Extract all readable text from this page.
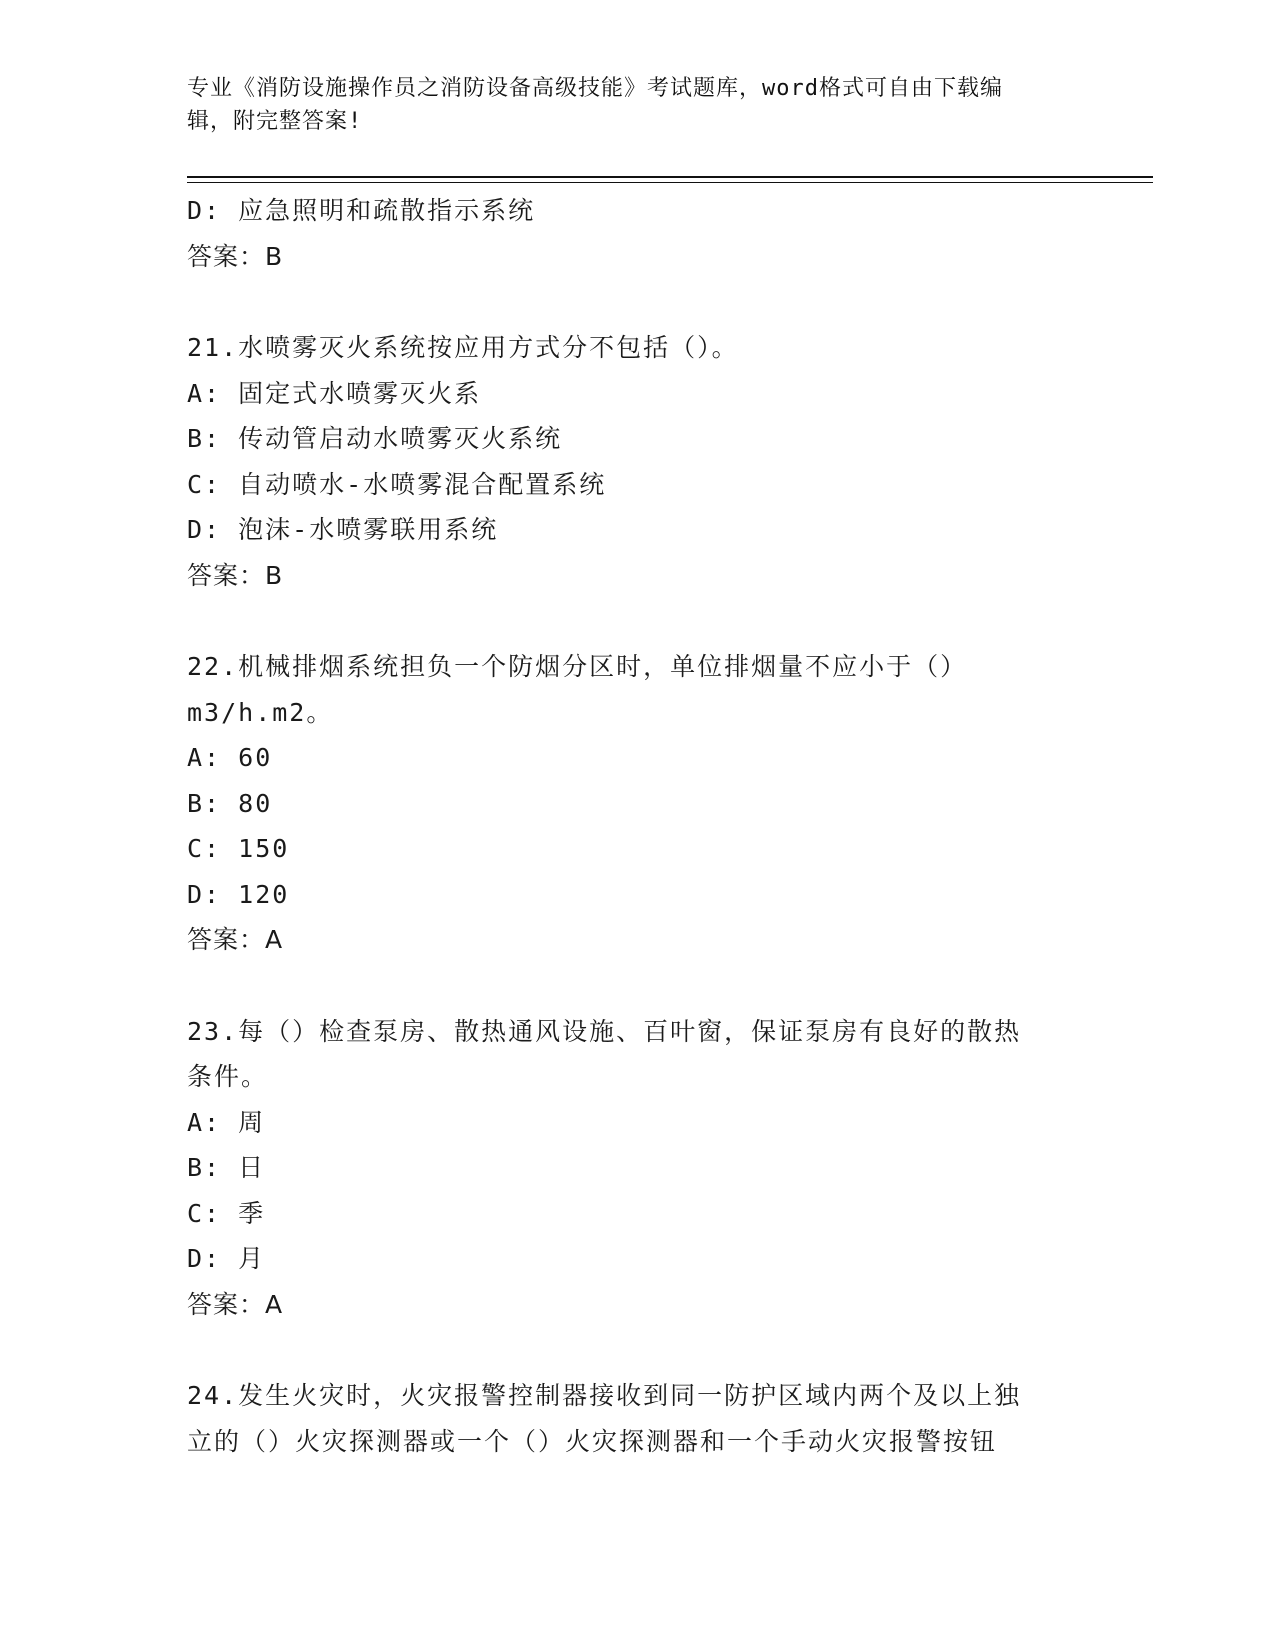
专业《消防设施操作员之消防设备高级技能》考试题库，word格式可自由下载编
辑，附完整答案!
D: 应急照明和疏散指示系统
答案：B
21.水喷雾灭火系统按应用方式分不包括（）。
A: 固定式水喷雾灭火系
B: 传动管启动水喷雾灭火系统
C: 自动喷水-水喷雾混合配置系统
D: 泡沫-水喷雾联用系统
答案：B
22.机械排烟系统担负一个防烟分区时，单位排烟量不应小于（）
m3/h.m2。
A: 60
B: 80
C: 150
D: 120
答案：A
23.每（）检查泵房、散热通风设施、百叶窗，保证泵房有良好的散热
条件。
A: 周
B: 日
C: 季
D: 月
答案：A
24.发生火灾时，火灾报警控制器接收到同一防护区域内两个及以上独
立的（）火灾探测器或一个（）火灾探测器和一个手动火灾报警按钮
